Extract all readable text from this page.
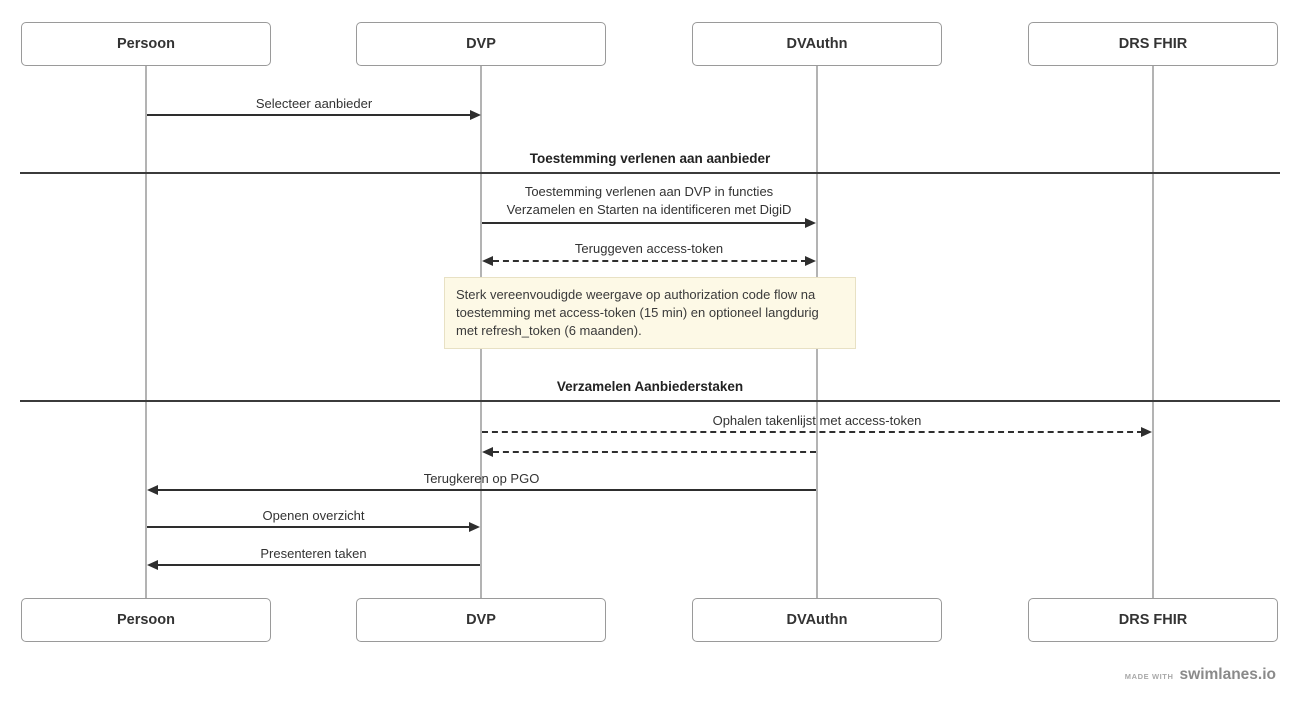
Persoon	DVP	DVAuthn	DRS FHIR
Selecteer aanbieder
Toestemming verlenen aan aanbieder
Toestemming verlenen aan DVP in functies Verzamelen en Starten na identificeren met DigiD
Teruggeven access-token
Sterk vereenvoudigde weergave op authorization code flow na toestemming met access-token (15 min) en optioneel langdurig met refresh_token (6 maanden).
Verzamelen Aanbiederstaken
Ophalen takenlijst met access-token
Terugkeren op PGO
Openen overzicht
Presenteren taken
Persoon	DVP	DVAuthn	DRS FHIR
MADE WITH swimlanes.io
